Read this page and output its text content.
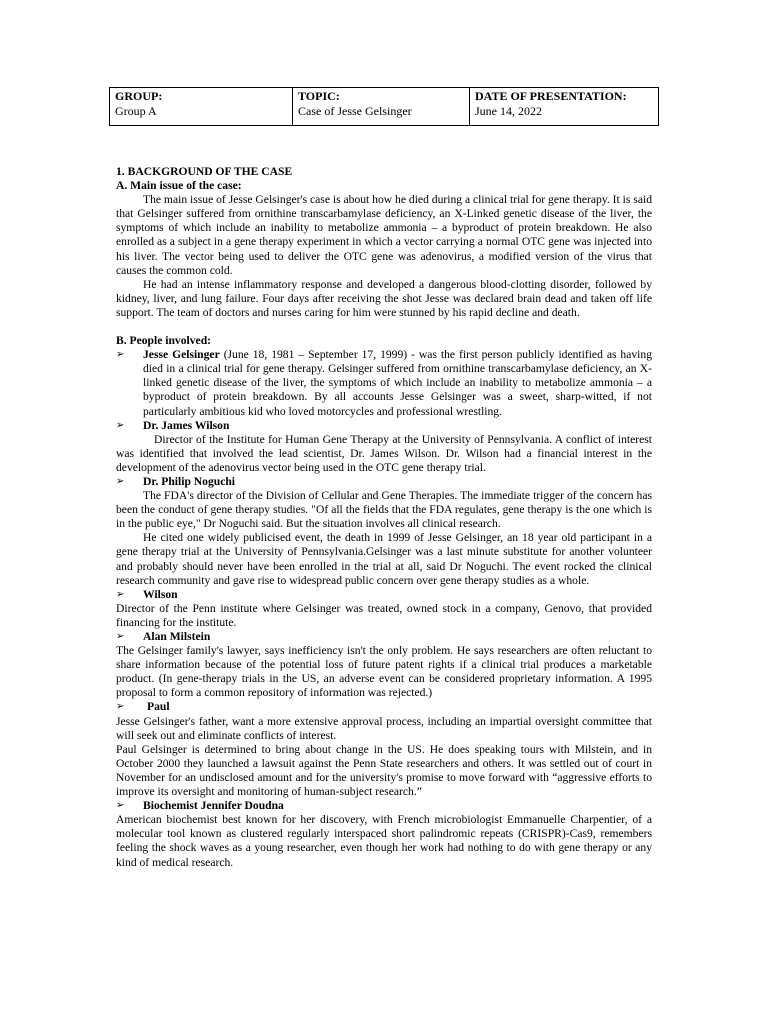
GROUP:
Group A	
TOPIC:
Case of Jesse Gelsinger	
DATE OF PRESENTATION:
June 14, 2022

1. BACKGROUND OF THE CASE

A. Main issue of the case:

The main issue of Jesse Gelsinger's case is about how he died during a clinical trial for gene therapy. It is said that Gelsinger suffered from ornithine transcarbamylase deficiency, an X-Linked genetic disease of the liver, the symptoms of which include an inability to metabolize ammonia – a byproduct of protein breakdown. He also enrolled as a subject in a gene therapy experiment in which a vector carrying a normal OTC gene was injected into his liver. The vector being used to deliver the OTC gene was adenovirus, a modified version of the virus that causes the common cold.

He had an intense inflammatory response and developed a dangerous blood-clotting disorder, followed by kidney, liver, and lung failure. Four days after receiving the shot Jesse was declared brain dead and taken off life support. The team of doctors and nurses caring for him were stunned by his rapid decline and death.

B. People involved:

➢ Jesse Gelsinger (June 18, 1981 – September 17, 1999) - was the first person publicly identified as having died in a clinical trial for gene therapy. Gelsinger suffered from ornithine transcarbamylase deficiency, an X-linked genetic disease of the liver, the symptoms of which include an inability to metabolize ammonia – a byproduct of protein breakdown. By all accounts Jesse Gelsinger was a sweet, sharp-witted, if not particularly ambitious kid who loved motorcycles and professional wrestling.

➢ Dr. James Wilson

Director of the Institute for Human Gene Therapy at the University of Pennsylvania. A conflict of interest was identified that involved the lead scientist, Dr. James Wilson. Dr. Wilson had a financial interest in the development of the adenovirus vector being used in the OTC gene therapy trial.

➢ Dr. Philip Noguchi

The FDA's director of the Division of Cellular and Gene Therapies. The immediate trigger of the concern has been the conduct of gene therapy studies. "Of all the fields that the FDA regulates, gene therapy is the one which is in the public eye," Dr Noguchi said. But the situation involves all clinical research.

He cited one widely publicised event, the death in 1999 of Jesse Gelsinger, an 18 year old participant in a gene therapy trial at the University of Pennsylvania.Gelsinger was a last minute substitute for another volunteer and probably should never have been enrolled in the trial at all, said Dr Noguchi. The event rocked the clinical research community and gave rise to widespread public concern over gene therapy studies as a whole.

➢ Wilson

Director of the Penn institute where Gelsinger was treated, owned stock in a company, Genovo, that provided financing for the institute.

➢ Alan Milstein

The Gelsinger family's lawyer, says inefficiency isn't the only problem. He says researchers are often reluctant to share information because of the potential loss of future patent rights if a clinical trial produces a marketable product. (In gene-therapy trials in the US, an adverse event can be considered proprietary information. A 1995 proposal to form a common repository of information was rejected.)

➢ Paul

Jesse Gelsinger's father, want a more extensive approval process, including an impartial oversight committee that will seek out and eliminate conflicts of interest.

Paul Gelsinger is determined to bring about change in the US. He does speaking tours with Milstein, and in October 2000 they launched a lawsuit against the Penn State researchers and others. It was settled out of court in November for an undisclosed amount and for the university's promise to move forward with “aggressive efforts to improve its oversight and monitoring of human-subject research.”

➢ Biochemist Jennifer Doudna

American biochemist best known for her discovery, with French microbiologist Emmanuelle Charpentier, of a molecular tool known as clustered regularly interspaced short palindromic repeats (CRISPR)-Cas9, remembers feeling the shock waves as a young researcher, even though her work had nothing to do with gene therapy or any kind of medical research.
